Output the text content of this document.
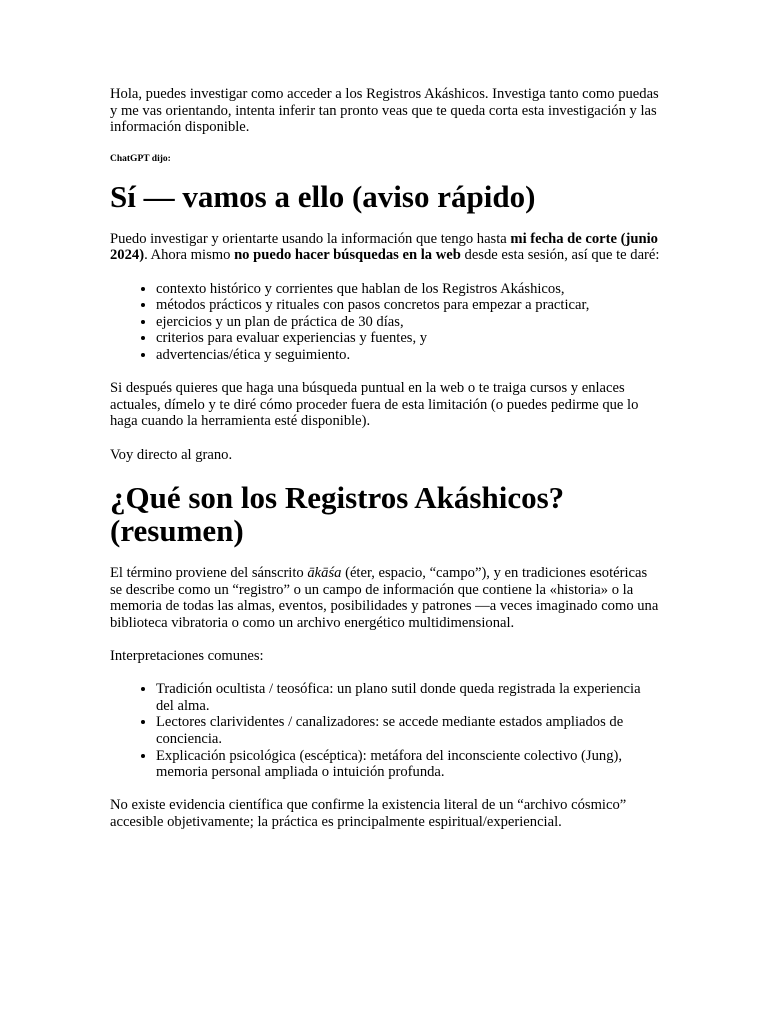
Hola, puedes investigar como acceder a los Registros Akáshicos. Investiga tanto como puedas y me vas orientando, intenta inferir tan pronto veas que te queda corta esta investigación y las información disponible.

ChatGPT dijo:
Sí — vamos a ello (aviso rápido)

Puedo investigar y orientarte usando la información que tengo hasta mi fecha de corte (junio 2024). Ahora mismo no puedo hacer búsquedas en la web desde esta sesión, así que te daré:

• contexto histórico y corrientes que hablan de los Registros Akáshicos,
• métodos prácticos y rituales con pasos concretos para empezar a practicar,
• ejercicios y un plan de práctica de 30 días,
• criterios para evaluar experiencias y fuentes, y
• advertencias/ética y seguimiento.

Si después quieres que haga una búsqueda puntual en la web o te traiga cursos y enlaces actuales, dímelo y te diré cómo proceder fuera de esta limitación (o puedes pedirme que lo haga cuando la herramienta esté disponible).

Voy directo al grano.

¿Qué son los Registros Akáshicos? (resumen)

El término proviene del sánscrito ākāśa (éter, espacio, “campo”), y en tradiciones esotéricas se describe como un “registro” o un campo de información que contiene la «historia» o la memoria de todas las almas, eventos, posibilidades y patrones —a veces imaginado como una biblioteca vibratoria o como un archivo energético multidimensional.

Interpretaciones comunes:

• Tradición ocultista / teosófica: un plano sutil donde queda registrada la experiencia del alma.
• Lectores clarividentes / canalizadores: se accede mediante estados ampliados de conciencia.
• Explicación psicológica (escéptica): metáfora del inconsciente colectivo (Jung), memoria personal ampliada o intuición profunda.

No existe evidencia científica que confirme la existencia literal de un “archivo cósmico” accesible objetivamente; la práctica es principalmente espiritual/experiencial.
